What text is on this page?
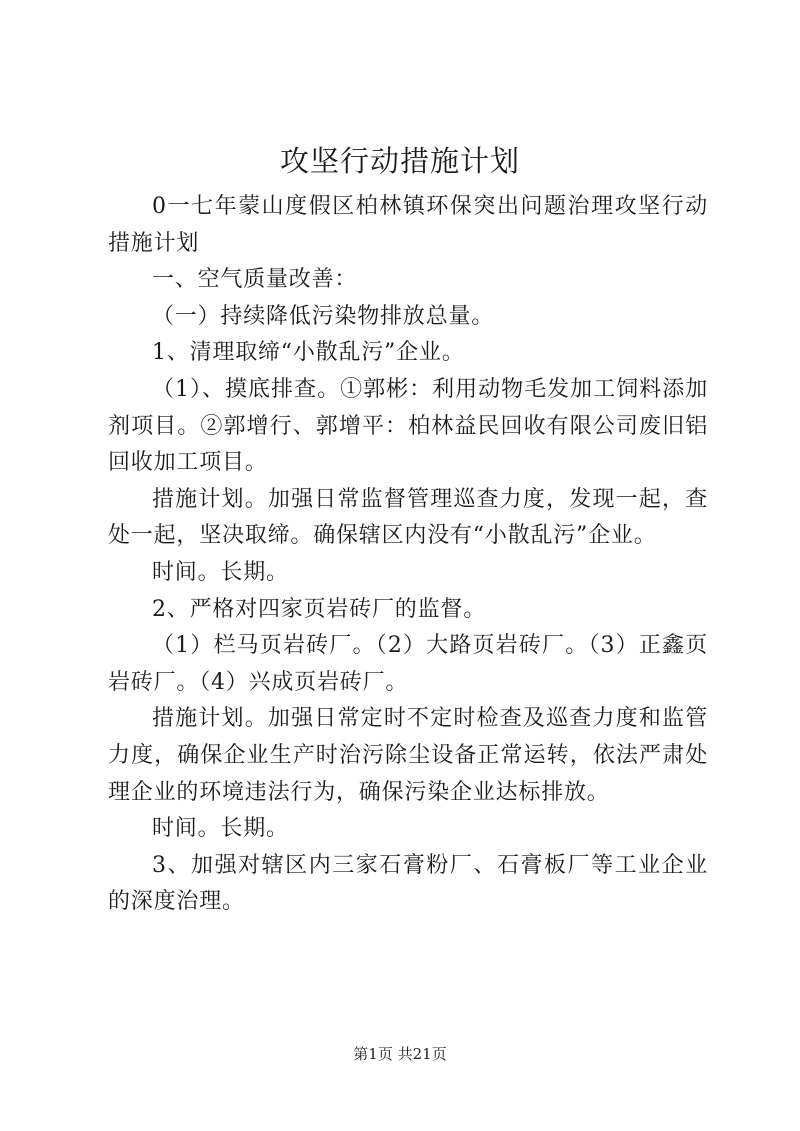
攻坚行动措施计划

0一七年蒙山度假区柏林镇环保突出问题治理攻坚行动措施计划

一、空气质量改善：

（一）持续降低污染物排放总量。

1、清理取缔“小散乱污”企业。

（1）、摸底排查。①郭彬：利用动物毛发加工饲料添加剂项目。②郭增行、郭增平：柏林益民回收有限公司废旧铝回收加工项目。

措施计划。加强日常监督管理巡查力度，发现一起，查处一起，坚决取缔。确保辖区内没有“小散乱污”企业。

时间。长期。

2、严格对四家页岩砖厂的监督。

（1）栏马页岩砖厂。（2）大路页岩砖厂。（3）正鑫页岩砖厂。（4）兴成页岩砖厂。

措施计划。加强日常定时不定时检查及巡查力度和监管力度，确保企业生产时治污除尘设备正常运转，依法严肃处理企业的环境违法行为，确保污染企业达标排放。

时间。长期。

3、加强对辖区内三家石膏粉厂、石膏板厂等工业企业的深度治理。

第1页 共21页
